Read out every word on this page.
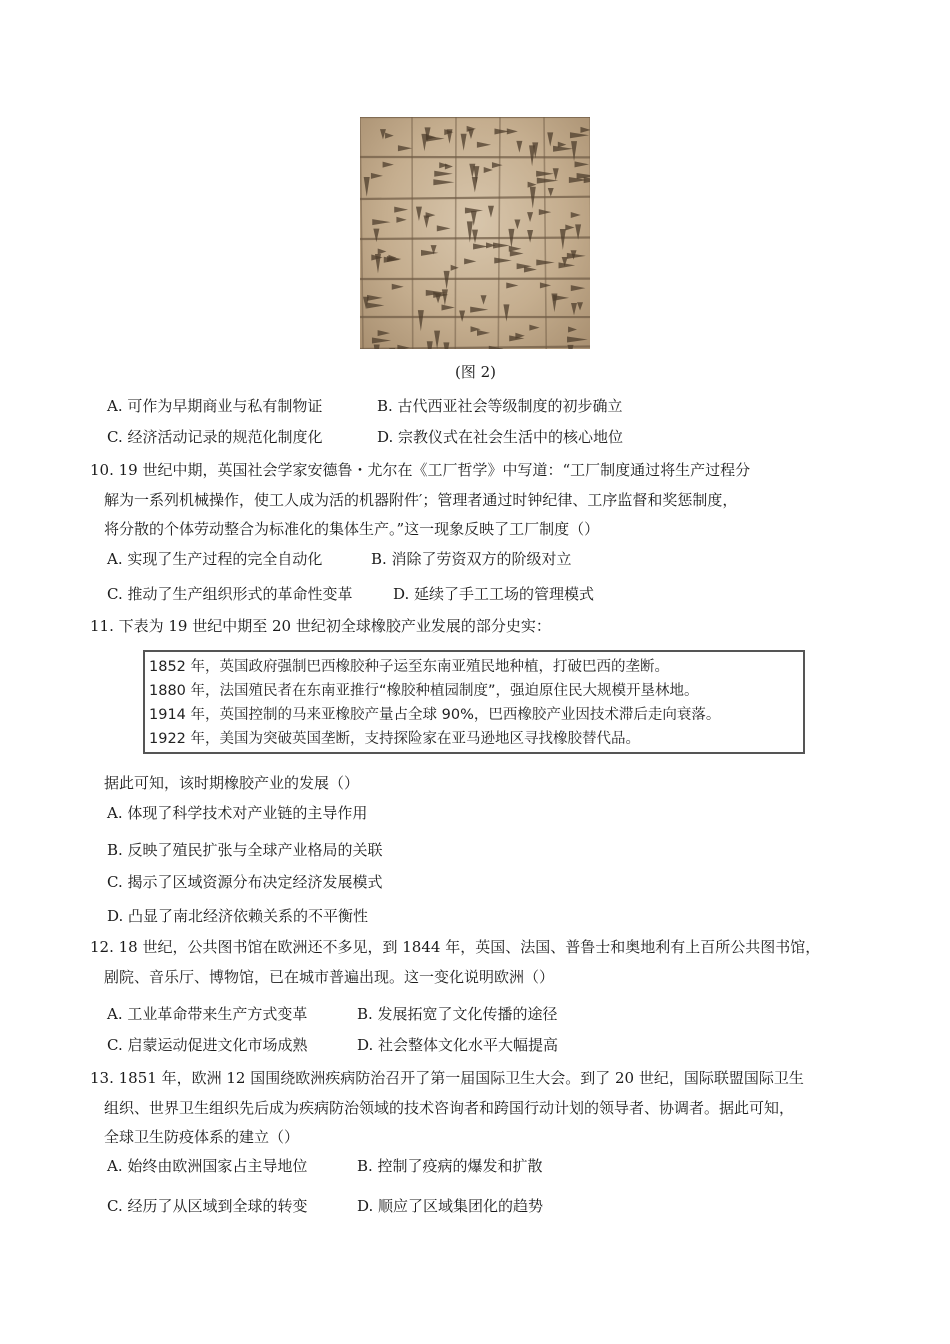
(图 2)
A. 可作为早期商业与私有制物证	B. 古代西亚社会等级制度的初步确立
C. 经济活动记录的规范化制度化	D. 宗教仪式在社会生活中的核心地位
10. 19 世纪中期，英国社会学家安德鲁・尤尔在《工厂哲学》中写道：“工厂制度通过将生产过程分
解为一系列机械操作，使工人成为活的机器附件′；管理者通过时钟纪律、工序监督和奖惩制度，
将分散的个体劳动整合为标准化的集体生产。”这一现象反映了工厂制度（）
A. 实现了生产过程的完全自动化	B. 消除了劳资双方的阶级对立
C. 推动了生产组织形式的革命性变革	D. 延续了手工工场的管理模式
11. 下表为 19 世纪中期至 20 世纪初全球橡胶产业发展的部分史实：
1852 年，英国政府强制巴西橡胶种子运至东南亚殖民地种植，打破巴西的垄断。
1880 年，法国殖民者在东南亚推行“橡胶种植园制度”，强迫原住民大规模开垦林地。
1914 年，英国控制的马来亚橡胶产量占全球 90%，巴西橡胶产业因技术滞后走向衰落。
1922 年，美国为突破英国垄断，支持探险家在亚马逊地区寻找橡胶替代品。
据此可知，该时期橡胶产业的发展（）
A. 体现了科学技术对产业链的主导作用
B. 反映了殖民扩张与全球产业格局的关联
C. 揭示了区域资源分布决定经济发展模式
D. 凸显了南北经济依赖关系的不平衡性
12. 18 世纪，公共图书馆在欧洲还不多见，到 1844 年，英国、法国、普鲁士和奥地利有上百所公共图书馆，
剧院、音乐厅、博物馆，已在城市普遍出现。这一变化说明欧洲（）
A. 工业革命带来生产方式变革	B. 发展拓宽了文化传播的途径
C. 启蒙运动促进文化市场成熟	D. 社会整体文化水平大幅提高
13. 1851 年，欧洲 12 国围绕欧洲疾病防治召开了第一届国际卫生大会。到了 20 世纪，国际联盟国际卫生
组织、世界卫生组织先后成为疾病防治领域的技术咨询者和跨国行动计划的领导者、协调者。据此可知，
全球卫生防疫体系的建立（）
A. 始终由欧洲国家占主导地位	B. 控制了疫病的爆发和扩散
C. 经历了从区域到全球的转变	D. 顺应了区域集团化的趋势
